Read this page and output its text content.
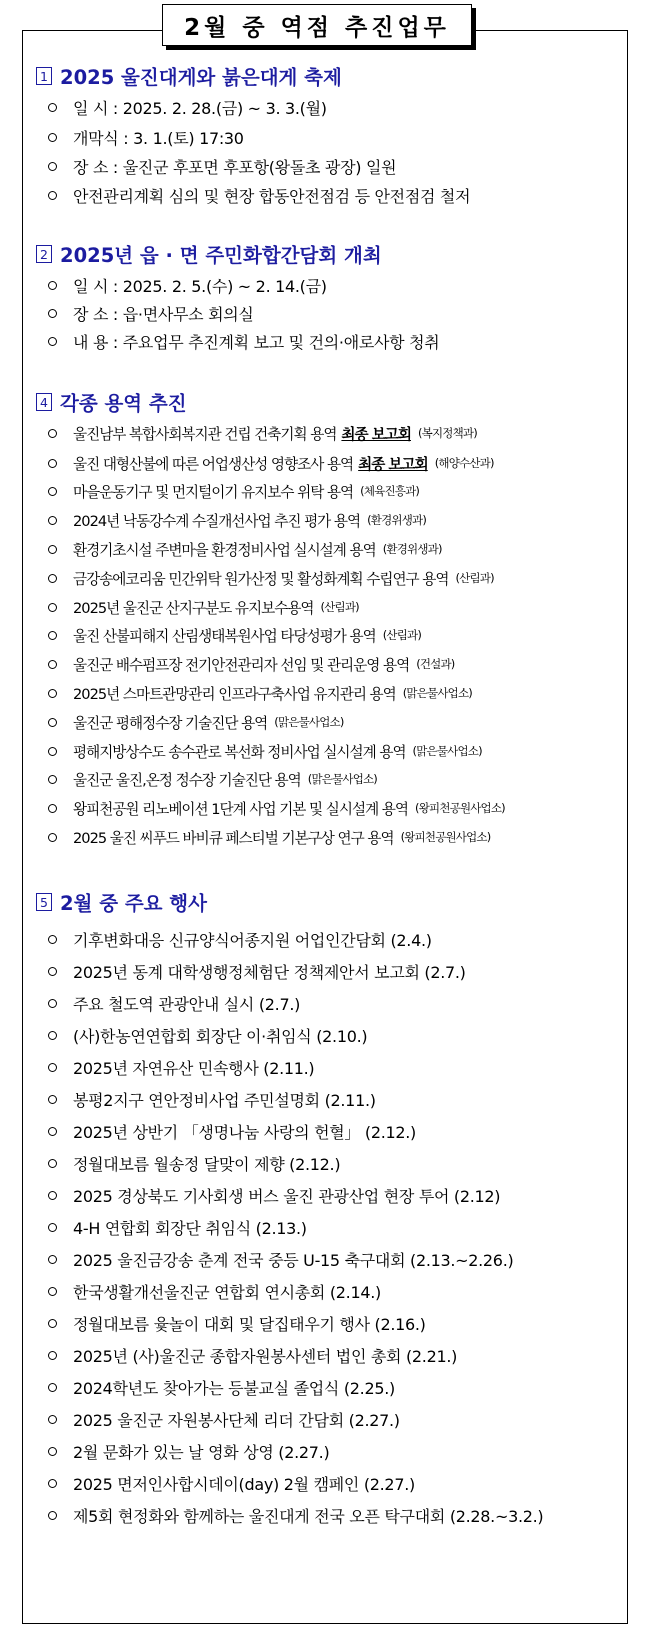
2월 중 역점 추진업무
1 2025 울진대게와 붉은대게 축제
일 시 : 2025. 2. 28.(금) ~ 3. 3.(월)
개막식 : 3. 1.(토) 17:30
장 소 : 울진군 후포면 후포항(왕돌초 광장) 일원
안전관리계획 심의 및 현장 합동안전점검 등 안전점검 철저
2 2025년 읍 · 면 주민화합간담회 개최
일 시 : 2025. 2. 5.(수) ~ 2. 14.(금)
장 소 : 읍·면사무소 회의실
내 용 : 주요업무 추진계획 보고 및 건의·애로사항 청취
4 각종 용역 추진
울진남부 복합사회복지관 건립 건축기획 용역 최종 보고회 (복지정책과)
울진 대형산불에 따른 어업생산성 영향조사 용역 최종 보고회 (해양수산과)
마을운동기구 및 먼지털이기 유지보수 위탁 용역 (체육진흥과)
2024년 낙동강수계 수질개선사업 추진 평가 용역 (환경위생과)
환경기초시설 주변마을 환경정비사업 실시설계 용역 (환경위생과)
금강송에코리움 민간위탁 원가산정 및 활성화계획 수립연구 용역 (산림과)
2025년 울진군 산지구분도 유지보수용역 (산림과)
울진 산불피해지 산림생태복원사업 타당성평가 용역 (산림과)
울진군 배수펌프장 전기안전관리자 선임 및 관리운영 용역 (건설과)
2025년 스마트관망관리 인프라구축사업 유지관리 용역 (맑은물사업소)
울진군 평해정수장 기술진단 용역 (맑은물사업소)
평해지방상수도 송수관로 복선화 정비사업 실시설계 용역 (맑은물사업소)
울진군 울진,온정 정수장 기술진단 용역 (맑은물사업소)
왕피천공원 리노베이션 1단계 사업 기본 및 실시설계 용역 (왕피천공원사업소)
2025 울진 씨푸드 바비큐 페스티벌 기본구상 연구 용역 (왕피천공원사업소)
5 2월 중 주요 행사
기후변화대응 신규양식어종지원 어업인간담회 (2.4.)
2025년 동계 대학생행정체험단 정책제안서 보고회 (2.7.)
주요 철도역 관광안내 실시 (2.7.)
(사)한농연연합회 회장단 이·취임식 (2.10.)
2025년 자연유산 민속행사 (2.11.)
봉평2지구 연안정비사업 주민설명회 (2.11.)
2025년 상반기 「생명나눔 사랑의 헌혈」 (2.12.)
정월대보름 월송정 달맞이 제향 (2.12.)
2025 경상북도 기사회생 버스 울진 관광산업 현장 투어 (2.12)
4-H 연합회 회장단 취임식 (2.13.)
2025 울진금강송 춘계 전국 중등 U-15 축구대회 (2.13.~2.26.)
한국생활개선울진군 연합회 연시총회 (2.14.)
정월대보름 윷놀이 대회 및 달집태우기 행사 (2.16.)
2025년 (사)울진군 종합자원봉사센터 법인 총회 (2.21.)
2024학년도 찾아가는 등불교실 졸업식 (2.25.)
2025 울진군 자원봉사단체 리더 간담회 (2.27.)
2월 문화가 있는 날 영화 상영 (2.27.)
2025 면저인사합시데이(day) 2월 캠페인 (2.27.)
제5회 현정화와 함께하는 울진대게 전국 오픈 탁구대회 (2.28.~3.2.)
